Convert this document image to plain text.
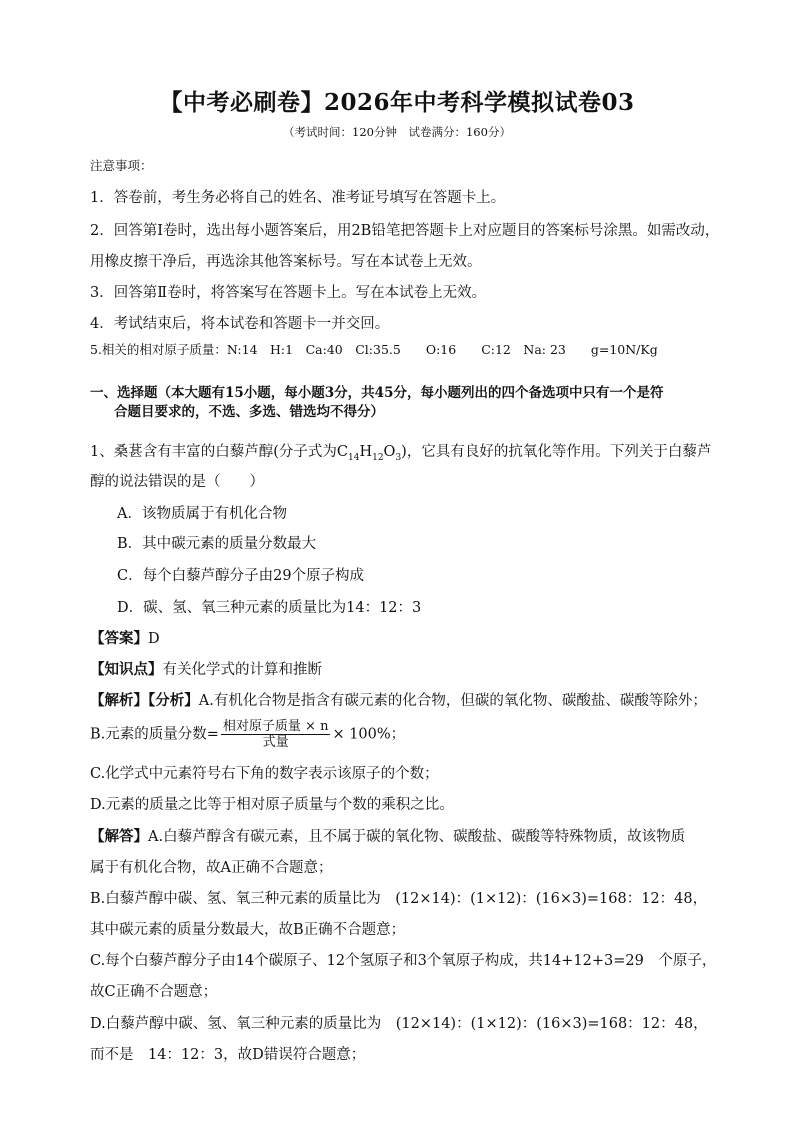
【中考必刷卷】2026年中考科学模拟试卷03
（考试时间：120分钟　试卷满分：160分）
注意事项：
1．答卷前，考生务必将自己的姓名、准考证号填写在答题卡上。
2．回答第Ⅰ卷时，选出每小题答案后，用2B铅笔把答题卡上对应题目的答案标号涂黑。如需改动，
用橡皮擦干净后，再选涂其他答案标号。写在本试卷上无效。
3．回答第Ⅱ卷时，将答案写在答题卡上。写在本试卷上无效。
4．考试结束后，将本试卷和答题卡一并交回。
5.相关的相对原子质量：N:14　H:1　Ca:40　Cl:35.5　　O:16　　C:12　Na: 23　　g=10N/Kg
一、选择题（本大题有15小题，每小题3分，共45分，每小题列出的四个备选项中只有一个是符
合题目要求的，不选、多选、错选均不得分）
1、桑葚含有丰富的白藜芦醇(分子式为$C_{14}H_{12}O_3$)，它具有良好的抗氧化等作用。下列关于白藜芦
醇的说法错误的是（　　）
A．该物质属于有机化合物
B．其中碳元素的质量分数最大
C．每个白藜芦醇分子由29个原子构成
D．碳、氢、氧三种元素的质量比为14：12：3
【答案】D
【知识点】有关化学式的计算和推断
【解析】【分析】A.有机化合物是指含有碳元素的化合物，但碳的氧化物、碳酸盐、碳酸等除外；
B.元素的质量分数= $\frac{\text{相对原子质量 × n}}{\text{式量}} \times 100\%$；
C.化学式中元素符号右下角的数字表示该原子的个数；
D.元素的质量之比等于相对原子质量与个数的乘积之比。
【解答】A.白藜芦醇含有碳元素，且不属于碳的氧化物、碳酸盐、碳酸等特殊物质，故该物质
属于有机化合物，故A正确不合题意；
B.白藜芦醇中碳、氢、氧三种元素的质量比为　(12×14)：(1×12)：(16×3)=168：12：48，
其中碳元素的质量分数最大，故B正确不合题意；
C.每个白藜芦醇分子由14个碳原子、12个氢原子和3个氧原子构成，共14+12+3=29　个原子，
故C正确不合题意；
D.白藜芦醇中碳、氢、氧三种元素的质量比为　(12×14)：(1×12)：(16×3)=168：12：48，
而不是　14：12：3，故D错误符合题意；
